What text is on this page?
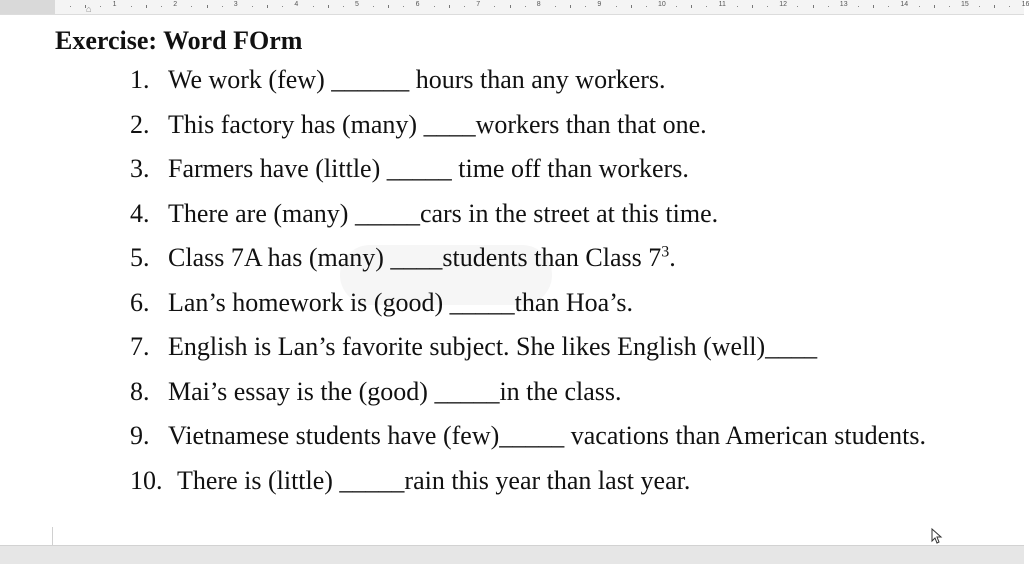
⌂	1	2	3	4	5	6	7	8	9	10	11	12	13	14	15	16
Exercise: Word FOrm
1. We work (few) ______ hours than any workers.
2. This factory has (many) ____workers than that one.
3. Farmers have (little) _____ time off than workers.
4. There are (many) _____cars in the street at this time.
5. Class 7A has (many) ____students than Class $7^3$.
6. Lan’s homework is (good) _____than Hoa’s.
7. English is Lan’s favorite subject. She likes English (well)____
8. Mai’s essay is the (good) _____in the class.
9. Vietnamese students have (few)_____ vacations than American students.
10. There is (little) _____rain this year than last year.
